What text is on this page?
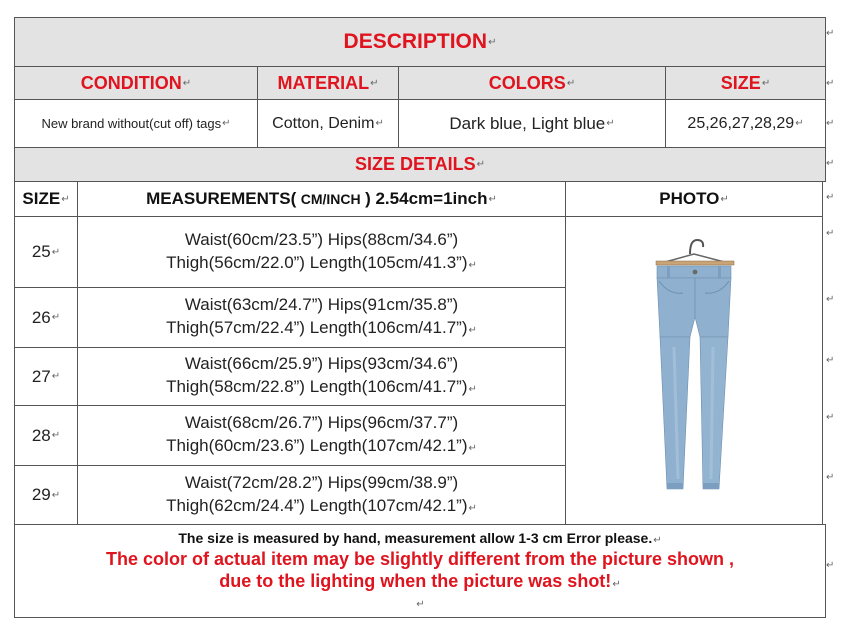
DESCRIPTION ↵
CONDITION ↵	MATERIAL ↵	COLORS ↵	SIZE ↵
New brand without(cut off) tags ↵	Cotton, Denim ↵	Dark blue, Light blue ↵	25,26,27,28,29 ↵
SIZE DETAILS ↵
SIZE ↵	MEASUREMENTS(
CM/INCH
) 2.54cm=1inch ↵	PHOTO ↵
25 ↵
Waist(60cm/23.5”) Hips(88cm/34.6”)
Thigh(56cm/22.0”) Length(105cm/41.3”)↵
26 ↵
Waist(63cm/24.7”) Hips(91cm/35.8”)
Thigh(57cm/22.4”) Length(106cm/41.7”)↵
27 ↵
Waist(66cm/25.9”) Hips(93cm/34.6”)
Thigh(58cm/22.8”) Length(106cm/41.7”)↵
28 ↵
Waist(68cm/26.7”) Hips(96cm/37.7”)
Thigh(60cm/23.6”) Length(107cm/42.1”)↵
29 ↵
Waist(72cm/28.2”) Hips(99cm/38.9”)
Thigh(62cm/24.4”) Length(107cm/42.1”)↵
The size is measured by hand, measurement allow 1-3 cm Error please.↵
The color of actual item may be slightly different from the picture shown ,
due to the lighting when the picture was shot!↵
↵
↵
↵
↵
↵
↵
↵
↵
↵
↵
↵
↵
